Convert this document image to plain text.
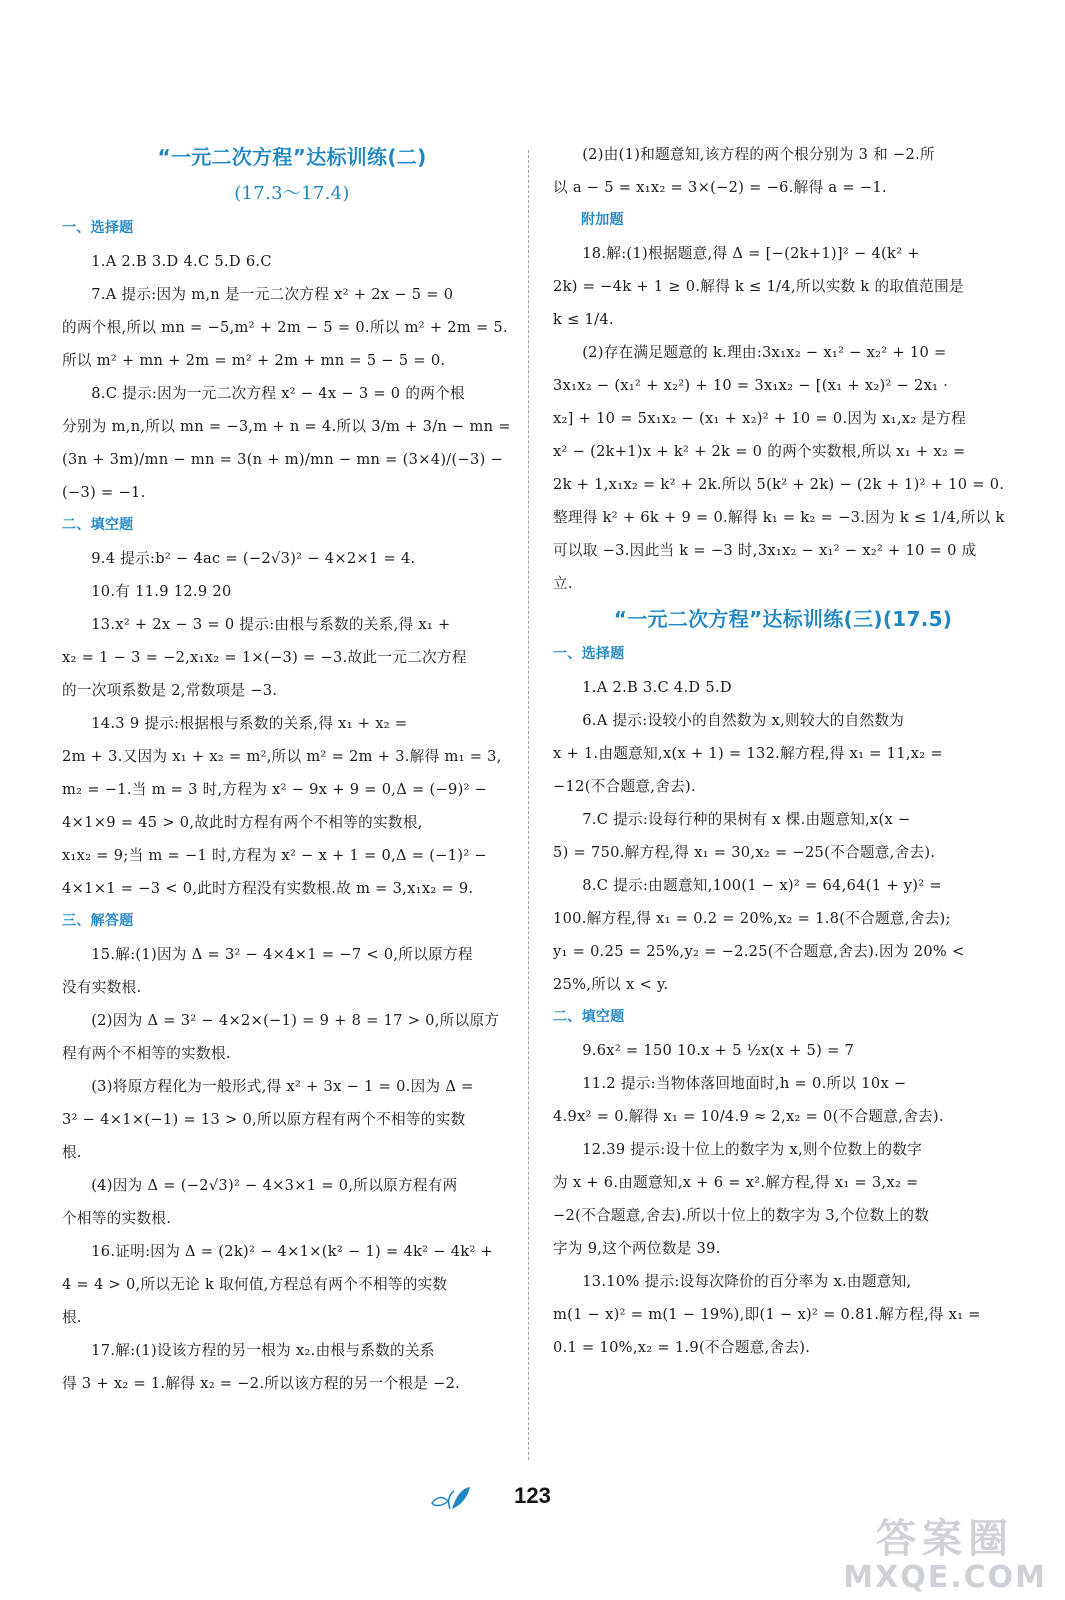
“一元二次方程”达标训练(二)
(17.3～17.4)
一、选择题

1.A 2.B 3.D 4.C 5.D 6.C

7.A 提示:因为 m,n 是一元二次方程 x² + 2x − 5 = 0

的两个根,所以 mn = −5,m² + 2m − 5 = 0.所以 m² + 2m = 5.

所以 m² + mn + 2m = m² + 2m + mn = 5 − 5 = 0.

8.C 提示:因为一元二次方程 x² − 4x − 3 = 0 的两个根

分别为 m,n,所以 mn = −3,m + n = 4.所以 3/m + 3/n − mn =

(3n + 3m)/mn − mn = 3(n + m)/mn − mn = (3×4)/(−3) − (−3) = −1.

二、填空题

9.4 提示:b² − 4ac = (−2√3)² − 4×2×1 = 4.

10.有 11.9 12.9 20

13.x² + 2x − 3 = 0 提示:由根与系数的关系,得 x₁ +

x₂ = 1 − 3 = −2,x₁x₂ = 1×(−3) = −3.故此一元二次方程

的一次项系数是 2,常数项是 −3.

14.3 9 提示:根据根与系数的关系,得 x₁ + x₂ =

2m + 3.又因为 x₁ + x₂ = m²,所以 m² = 2m + 3.解得 m₁ = 3,

m₂ = −1.当 m = 3 时,方程为 x² − 9x + 9 = 0,Δ = (−9)² −

4×1×9 = 45 > 0,故此时方程有两个不相等的实数根,

x₁x₂ = 9;当 m = −1 时,方程为 x² − x + 1 = 0,Δ = (−1)² −

4×1×1 = −3 < 0,此时方程没有实数根.故 m = 3,x₁x₂ = 9.

三、解答题

15.解:(1)因为 Δ = 3² − 4×4×1 = −7 < 0,所以原方程

没有实数根.

(2)因为 Δ = 3² − 4×2×(−1) = 9 + 8 = 17 > 0,所以原方

程有两个不相等的实数根.

(3)将原方程化为一般形式,得 x² + 3x − 1 = 0.因为 Δ =

3² − 4×1×(−1) = 13 > 0,所以原方程有两个不相等的实数

根.

(4)因为 Δ = (−2√3)² − 4×3×1 = 0,所以原方程有两

个相等的实数根.

16.证明:因为 Δ = (2k)² − 4×1×(k² − 1) = 4k² − 4k² +

4 = 4 > 0,所以无论 k 取何值,方程总有两个不相等的实数

根.

17.解:(1)设该方程的另一根为 x₂.由根与系数的关系

得 3 + x₂ = 1.解得 x₂ = −2.所以该方程的另一个根是 −2.

(2)由(1)和题意知,该方程的两个根分别为 3 和 −2.所

以 a − 5 = x₁x₂ = 3×(−2) = −6.解得 a = −1.

附加题

18.解:(1)根据题意,得 Δ = [−(2k+1)]² − 4(k² +

2k) = −4k + 1 ≥ 0.解得 k ≤ 1/4,所以实数 k 的取值范围是

k ≤ 1/4.

(2)存在满足题意的 k.理由:3x₁x₂ − x₁² − x₂² + 10 =

3x₁x₂ − (x₁² + x₂²) + 10 = 3x₁x₂ − [(x₁ + x₂)² − 2x₁ ·

x₂] + 10 = 5x₁x₂ − (x₁ + x₂)² + 10 = 0.因为 x₁,x₂ 是方程

x² − (2k+1)x + k² + 2k = 0 的两个实数根,所以 x₁ + x₂ =

2k + 1,x₁x₂ = k² + 2k.所以 5(k² + 2k) − (2k + 1)² + 10 = 0.

整理得 k² + 6k + 9 = 0.解得 k₁ = k₂ = −3.因为 k ≤ 1/4,所以 k

可以取 −3.因此当 k = −3 时,3x₁x₂ − x₁² − x₂² + 10 = 0 成

立.

“一元二次方程”达标训练(三)(17.5)
一、选择题

1.A 2.B 3.C 4.D 5.D

6.A 提示:设较小的自然数为 x,则较大的自然数为

x + 1.由题意知,x(x + 1) = 132.解方程,得 x₁ = 11,x₂ =

−12(不合题意,舍去).

7.C 提示:设每行种的果树有 x 棵.由题意知,x(x −

5) = 750.解方程,得 x₁ = 30,x₂ = −25(不合题意,舍去).

8.C 提示:由题意知,100(1 − x)² = 64,64(1 + y)² =

100.解方程,得 x₁ = 0.2 = 20%,x₂ = 1.8(不合题意,舍去);

y₁ = 0.25 = 25%,y₂ = −2.25(不合题意,舍去).因为 20% <

25%,所以 x < y.

二、填空题

9.6x² = 150 10.x + 5 ½x(x + 5) = 7

11.2 提示:当物体落回地面时,h = 0.所以 10x −

4.9x² = 0.解得 x₁ = 10/4.9 ≈ 2,x₂ = 0(不合题意,舍去).

12.39 提示:设十位上的数字为 x,则个位数上的数字

为 x + 6.由题意知,x + 6 = x².解方程,得 x₁ = 3,x₂ =

−2(不合题意,舍去).所以十位上的数字为 3,个位数上的数

字为 9,这个两位数是 39.

13.10% 提示:设每次降价的百分率为 x.由题意知,

m(1 − x)² = m(1 − 19%),即(1 − x)² = 0.81.解方程,得 x₁ =

0.1 = 10%,x₂ = 1.9(不合题意,舍去).

123
答案圈
MXQE.COM
